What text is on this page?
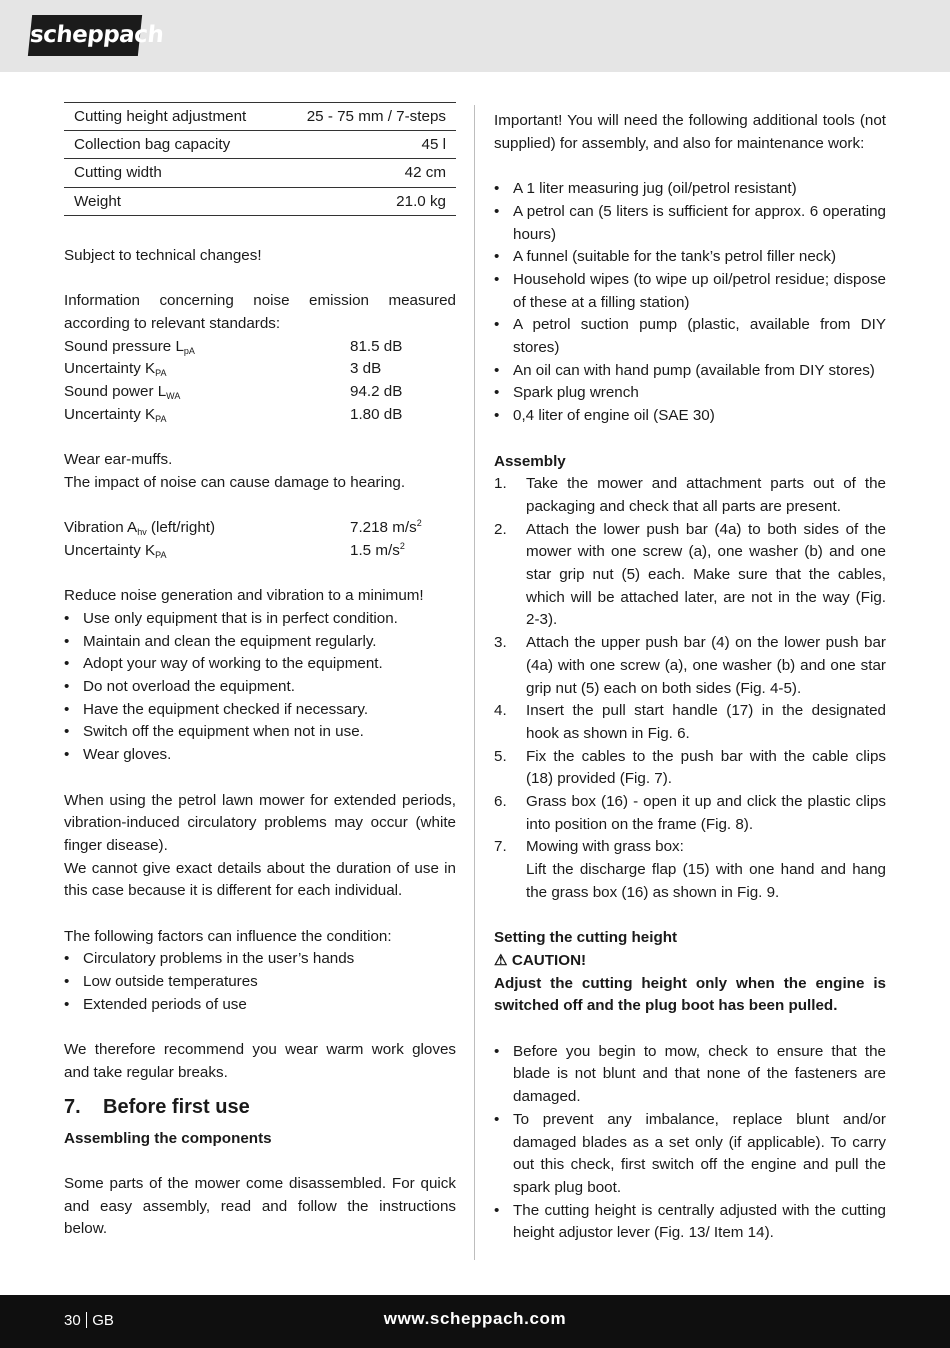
scheppach
Cutting height adjustment	25 - 75 mm / 7-steps
Collection bag capacity	45 l
Cutting width	42 cm
Weight	21.0 kg

Subject to technical changes!

Information concerning noise emission measured according to relevant standards:

Sound pressure $L_{pA}$	81.5 dB
Uncertainty $K_{PA}$	3 dB
Sound power $L_{WA}$	94.2 dB
Uncertainty $K_{PA}$	1.80 dB

Wear ear-muffs.

The impact of noise can cause damage to hearing.

Vibration $A_{hv}$ (left/right)	7.218 $m/s^2$
Uncertainty $K_{PA}$	1.5 $m/s^2$

Reduce noise generation and vibration to a minimum!

• Use only equipment that is in perfect condition.
• Maintain and clean the equipment regularly.
• Adopt your way of working to the equipment.
• Do not overload the equipment.
• Have the equipment checked if necessary.
• Switch off the equipment when not in use.
• Wear gloves.

When using the petrol lawn mower for extended periods, vibration-induced circulatory problems may occur (white finger disease).

We cannot give exact details about the duration of use in this case because it is different for each individual.

The following factors can influence the condition:

• Circulatory problems in the user’s hands
• Low outside temperatures
• Extended periods of use

We therefore recommend you wear warm work gloves and take regular breaks.

7. Before first use

Assembling the components

Some parts of the mower come disassembled. For quick and easy assembly, read and follow the instructions below.

Important! You will need the following additional tools (not supplied) for assembly, and also for maintenance work:

• A 1 liter measuring jug (oil/petrol resistant)
• A petrol can (5 liters is sufficient for approx. 6 operating hours)
• A funnel (suitable for the tank’s petrol filler neck)
• Household wipes (to wipe up oil/petrol residue; dispose of these at a filling station)
• A petrol suction pump (plastic, available from DIY stores)
• An oil can with hand pump (available from DIY stores)
• Spark plug wrench
• 0,4 liter of engine oil (SAE 30)

Assembly

1. Take the mower and attachment parts out of the packaging and check that all parts are present.
2. Attach the lower push bar (4a) to both sides of the mower with one screw (a), one washer (b) and one star grip nut (5) each. Make sure that the cables, which will be attached later, are not in the way (Fig. 2-3).
3. Attach the upper push bar (4) on the lower push bar (4a) with one screw (a), one washer (b) and one star grip nut (5) each on both sides (Fig. 4-5).
4. Insert the pull start handle (17) in the designated hook as shown in Fig. 6.
5. Fix the cables to the push bar with the cable clips (18) provided (Fig. 7).
6. Grass box (16) - open it up and click the plastic clips into position on the frame (Fig. 8).
7. Mowing with grass box:
Lift the discharge flap (15) with one hand and hang the grass box (16) as shown in Fig. 9.

Setting the cutting height

⚠ CAUTION!

Adjust the cutting height only when the engine is switched off and the plug boot has been pulled.

• Before you begin to mow, check to ensure that the blade is not blunt and that none of the fasteners are damaged.
• To prevent any imbalance, replace blunt and/or damaged blades as a set only (if applicable). To carry out this check, first switch off the engine and pull the spark plug boot.
• The cutting height is centrally adjusted with the cutting height adjustor lever (Fig. 13/ Item 14).
30 GB	www.scheppach.com
